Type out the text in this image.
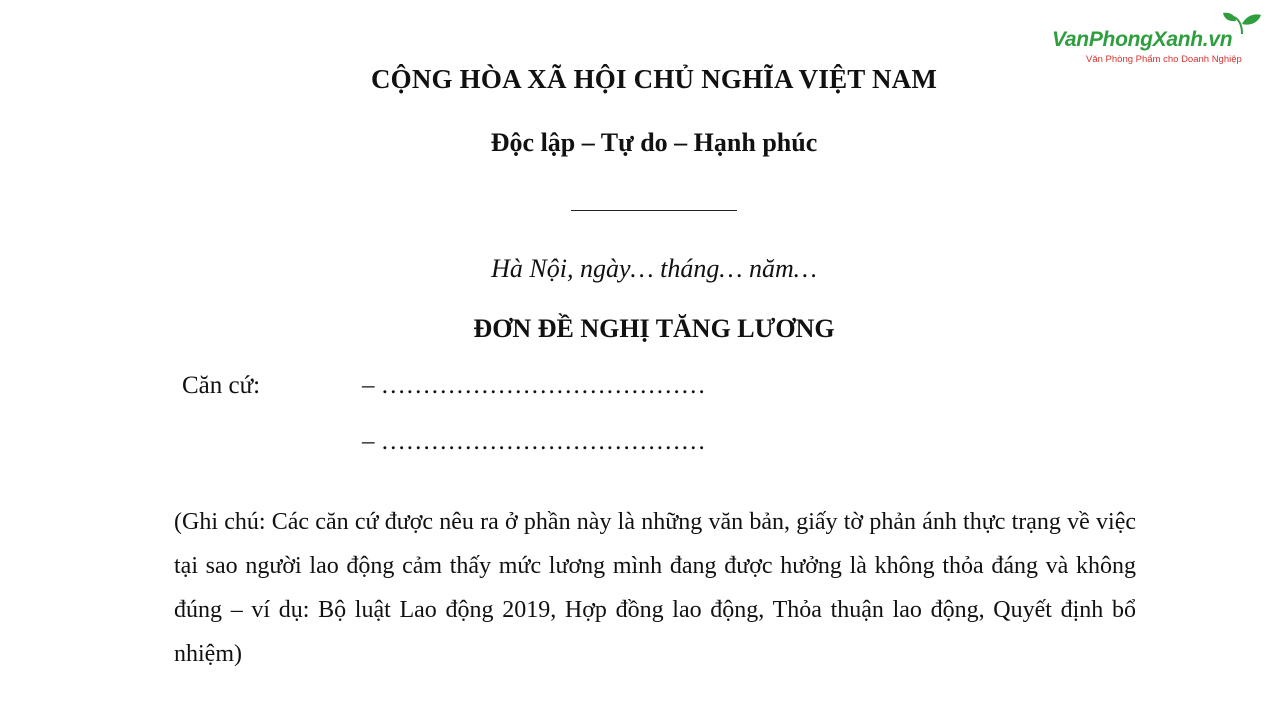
VanPhongXanh.vn
Văn Phòng Phẩm cho Doanh Nghiệp
CỘNG HÒA XÃ HỘI CHỦ NGHĨA VIỆT NAM
Độc lập – Tự do – Hạnh phúc
Hà Nội, ngày… tháng… năm…
ĐƠN ĐỀ NGHỊ TĂNG LƯƠNG
Căn cứ:	– …………………………………
– …………………………………
(Ghi chú: Các căn cứ được nêu ra ở phần này là những văn bản, giấy tờ phản ánh thực trạng về việc tại sao người lao động cảm thấy mức lương mình đang được hưởng là không thỏa đáng và không đúng – ví dụ: Bộ luật Lao động 2019, Hợp đồng lao động, Thỏa thuận lao động, Quyết định bổ nhiệm)
